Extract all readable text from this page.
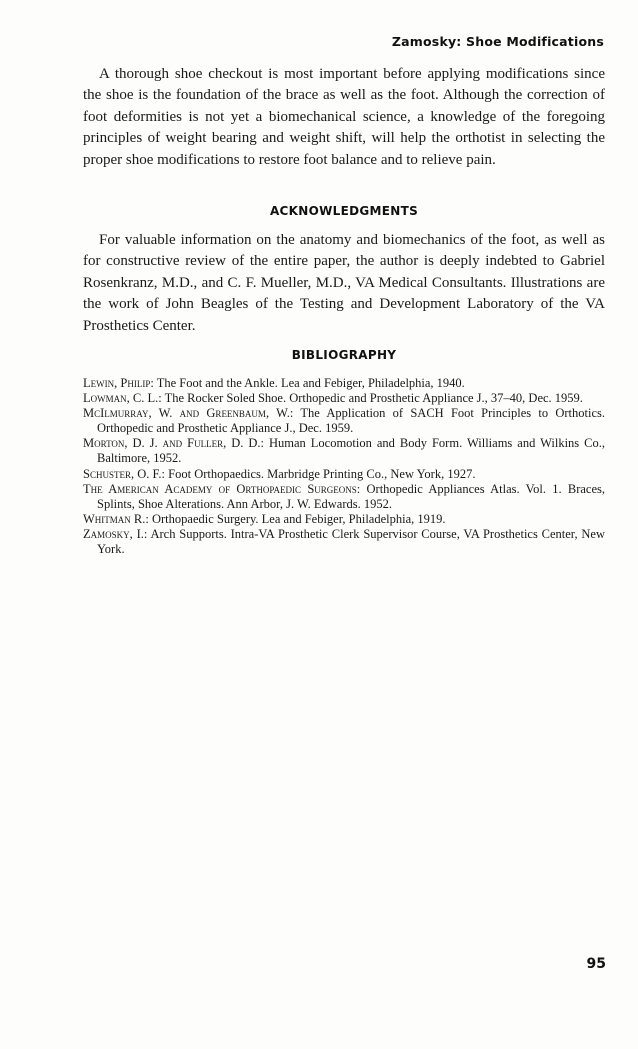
Zamosky: Shoe Modifications

A thorough shoe checkout is most important before applying modifications since the shoe is the foundation of the brace as well as the foot. Although the correction of foot deformities is not yet a biomechanical science, a knowledge of the foregoing principles of weight bearing and weight shift, will help the orthotist in selecting the proper shoe modifications to restore foot balance and to relieve pain.

ACKNOWLEDGMENTS

For valuable information on the anatomy and biomechanics of the foot, as well as for constructive review of the entire paper, the author is deeply indebted to Gabriel Rosenkranz, M.D., and C. F. Mueller, M.D., VA Medical Consultants. Illustrations are the work of John Beagles of the Testing and Development Laboratory of the VA Prosthetics Center.

BIBLIOGRAPHY
Lewin, Philip: The Foot and the Ankle. Lea and Febiger, Philadelphia, 1940.
Lowman, C. L.: The Rocker Soled Shoe. Orthopedic and Prosthetic Appliance J., 37–40, Dec. 1959.
McIlmurray, W. and Greenbaum, W.: The Application of SACH Foot Principles to Orthotics. Orthopedic and Prosthetic Appliance J., Dec. 1959.
Morton, D. J. and Fuller, D. D.: Human Locomotion and Body Form. Williams and Wilkins Co., Baltimore, 1952.
Schuster, O. F.: Foot Orthopaedics. Marbridge Printing Co., New York, 1927.
The American Academy of Orthopaedic Surgeons: Orthopedic Appliances Atlas. Vol. 1. Braces, Splints, Shoe Alterations. Ann Arbor, J. W. Edwards. 1952.
Whitman R.: Orthopaedic Surgery. Lea and Febiger, Philadelphia, 1919.
Zamosky, I.: Arch Supports. Intra-VA Prosthetic Clerk Supervisor Course, VA Prosthetics Center, New York.
95
